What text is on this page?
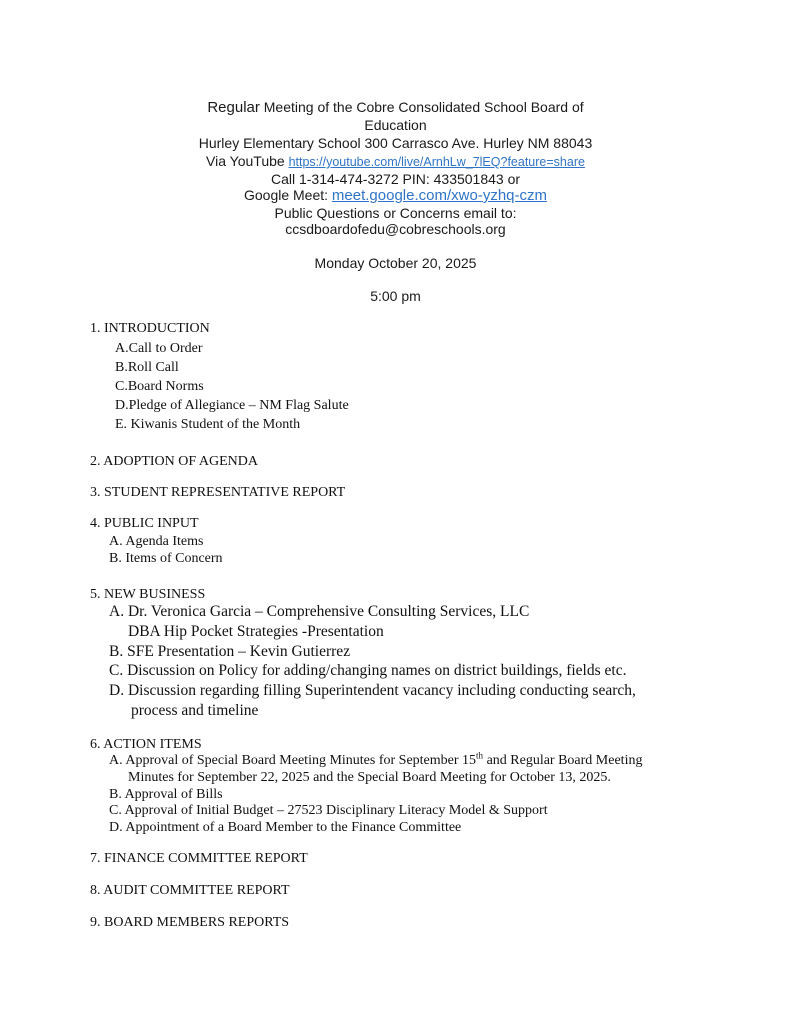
Regular Meeting of the Cobre Consolidated School Board of
Education
Hurley Elementary School 300 Carrasco Ave. Hurley NM 88043
Via YouTube https://youtube.com/live/ArnhLw_7lEQ?feature=share
Call 1-314-474-3272 PIN: 433501843 or
Google Meet: meet.google.com/xwo-yzhq-czm
Public Questions or Concerns email to:
ccsdboardofedu@cobreschools.org
Monday October 20, 2025
5:00 pm
1. INTRODUCTION
A.Call to Order
B.Roll Call
C.Board Norms
D.Pledge of Allegiance – NM Flag Salute
E. Kiwanis Student of the Month
2. ADOPTION OF AGENDA
3. STUDENT REPRESENTATIVE REPORT
4. PUBLIC INPUT
A. Agenda Items
B. Items of Concern
5. NEW BUSINESS
A. Dr. Veronica Garcia – Comprehensive Consulting Services, LLC
DBA Hip Pocket Strategies -Presentation
B. SFE Presentation – Kevin Gutierrez
C. Discussion on Policy for adding/changing names on district buildings, fields etc.
D. Discussion regarding filling Superintendent vacancy including conducting search,
process and timeline
6. ACTION ITEMS
A. Approval of Special Board Meeting Minutes for September 15th and Regular Board Meeting
Minutes for September 22, 2025 and the Special Board Meeting for October 13, 2025.
B. Approval of Bills
C. Approval of Initial Budget – 27523 Disciplinary Literacy Model & Support
D. Appointment of a Board Member to the Finance Committee
7. FINANCE COMMITTEE REPORT
8. AUDIT COMMITTEE REPORT
9. BOARD MEMBERS REPORTS
